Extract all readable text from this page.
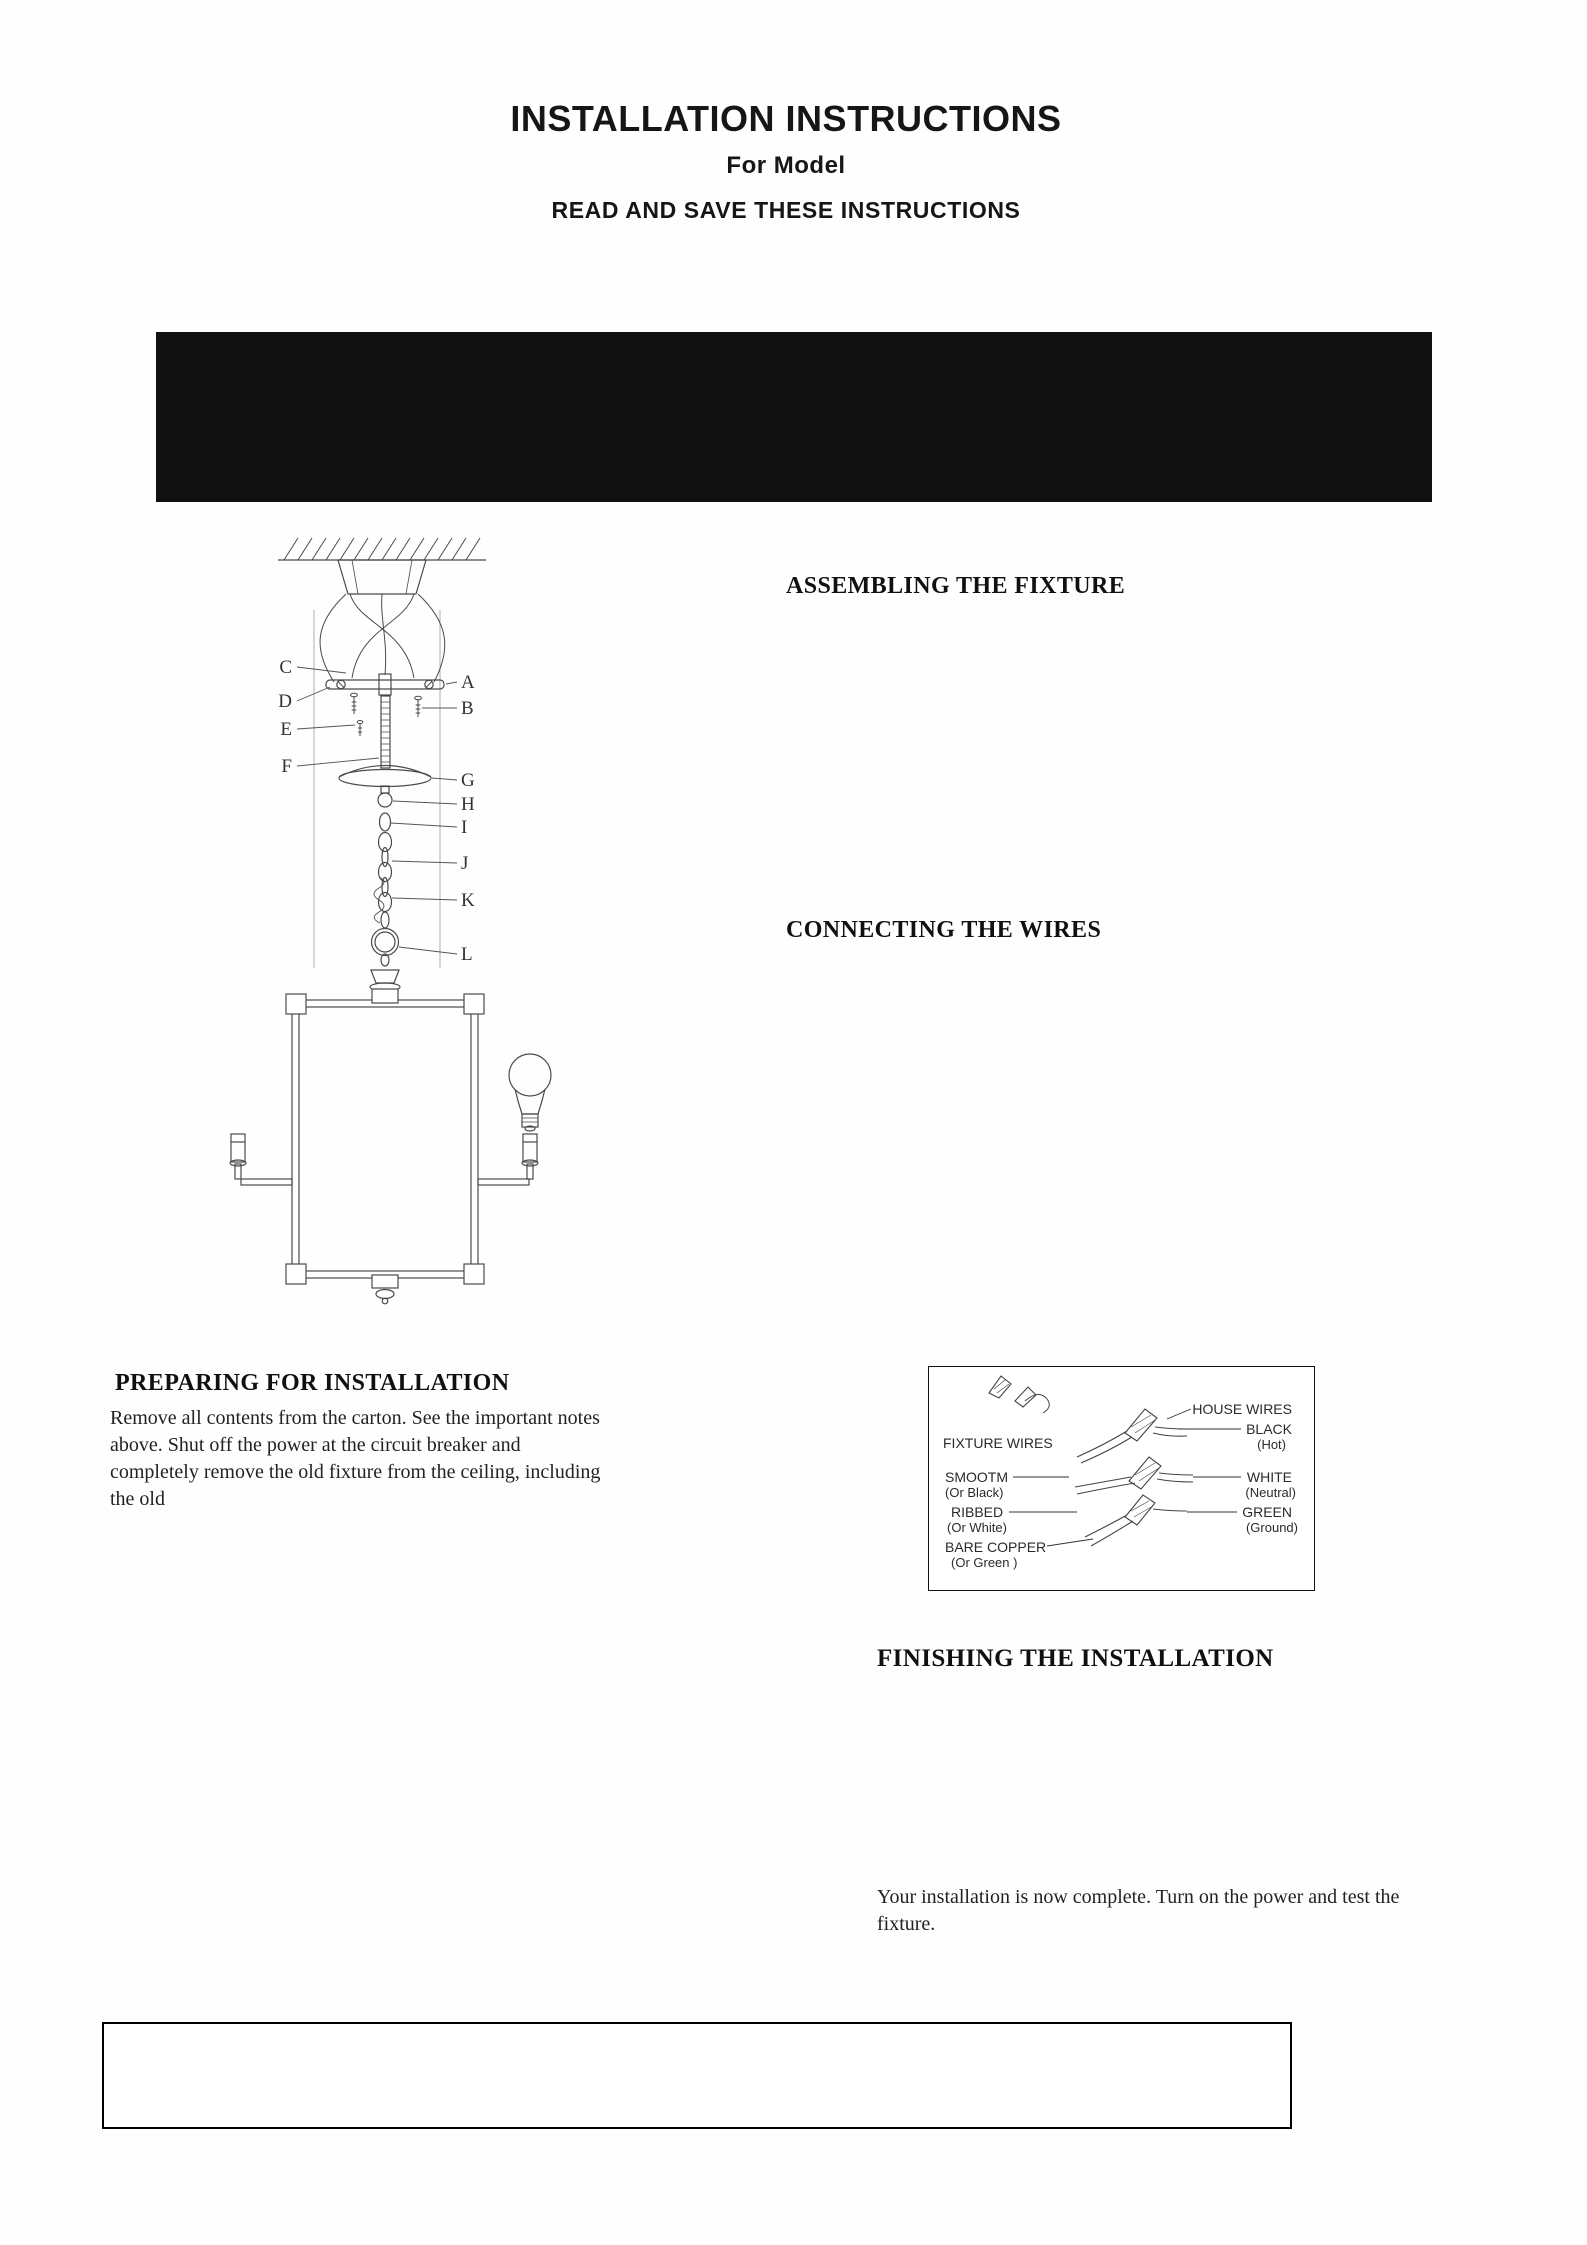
INSTALLATION INSTRUCTIONS
For Model
READ AND SAVE THESE INSTRUCTIONS
C
D
E
F
A
B
G
H
I
J
K
L
ASSEMBLING THE FIXTURE
CONNECTING THE WIRES
PREPARING FOR INSTALLATION
Remove all contents from the carton. See the important notes
above. Shut off the power at the circuit breaker and
completely remove the old fixture from the ceiling, including
the old
HOUSE WIRES
BLACK
(Hot)
WHITE
(Neutral)
GREEN
(Ground)
FIXTURE WIRES
SMOOTM
(Or Black)
RIBBED
(Or White)
BARE COPPER
(Or Green )
FINISHING THE INSTALLATION
Your installation is now complete. Turn on the power and test the
fixture.
